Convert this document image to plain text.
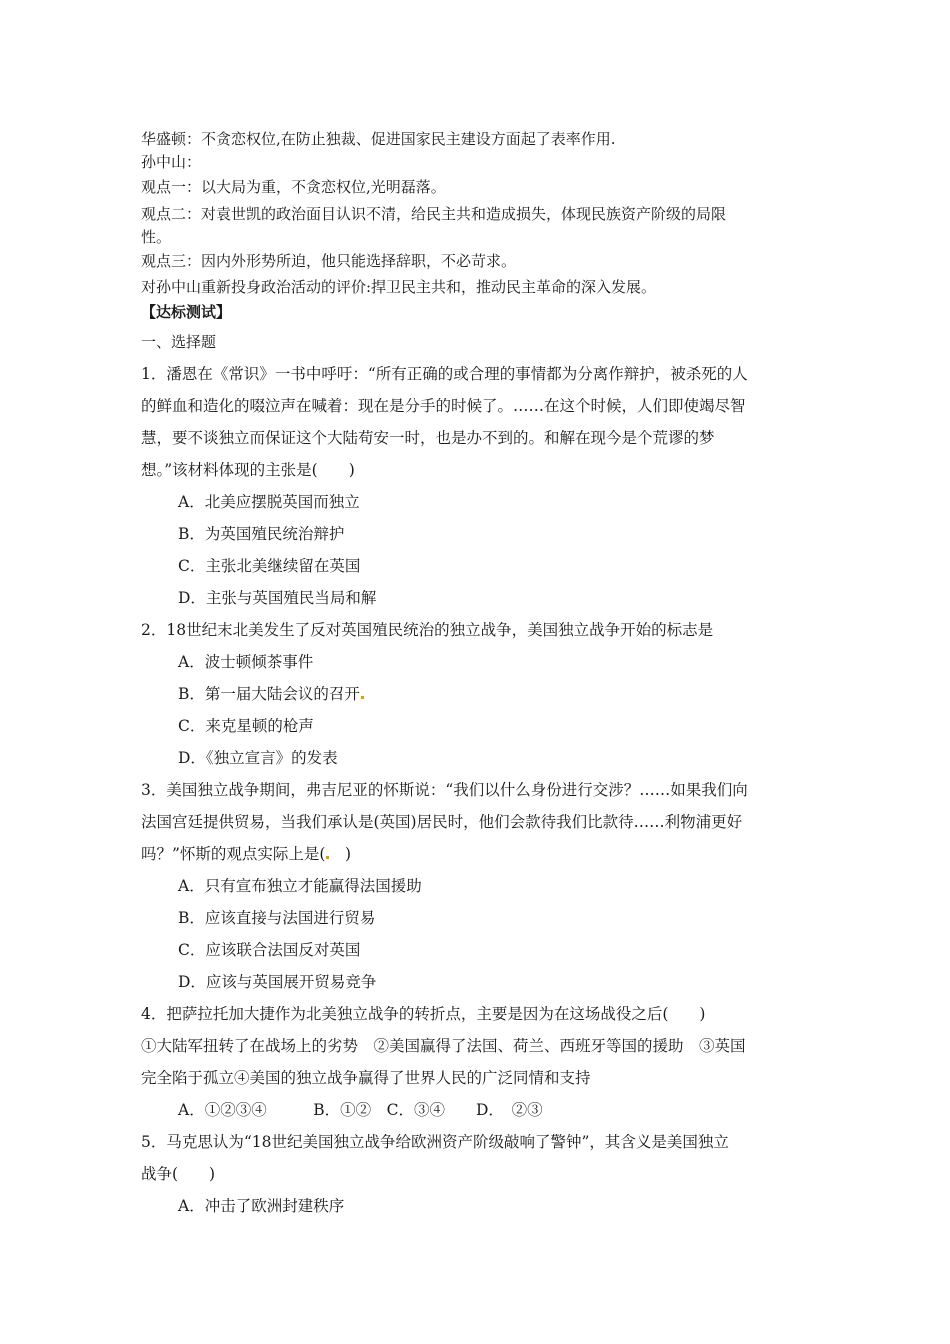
华盛顿：不贪恋权位,在防止独裁、促进国家民主建设方面起了表率作用.
孙中山：
观点一：以大局为重，不贪恋权位,光明磊落。
观点二：对袁世凯的政治面目认识不清，给民主共和造成损失，体现民族资产阶级的局限
性。
观点三：因内外形势所迫，他只能选择辞职，不必苛求。
对孙中山重新投身政治活动的评价:捍卫民主共和，推动民主革命的深入发展。
【达标测试】
一、选择题
1．潘恩在《常识》一书中呼吁：“所有正确的或合理的事情都为分离作辩护，被杀死的人
的鲜血和造化的啜泣声在喊着：现在是分手的时候了。……在这个时候，人们即使竭尽智
慧，要不谈独立而保证这个大陆苟安一时，也是办不到的。和解在现今是个荒谬的梦
想。”该材料体现的主张是(　　)
A．北美应摆脱英国而独立
B．为英国殖民统治辩护
C．主张北美继续留在英国
D．主张与英国殖民当局和解
2．18世纪末北美发生了反对英国殖民统治的独立战争，美国独立战争开始的标志是
A．波士顿倾茶事件
B．第一届大陆会议的召开
C．来克星顿的枪声
D．《独立宣言》的发表
3．美国独立战争期间，弗吉尼亚的怀斯说：“我们以什么身份进行交涉？……如果我们向
法国宫廷提供贸易，当我们承认是(英国)居民时，他们会款待我们比款待……利物浦更好
吗？”怀斯的观点实际上是(　)
A．只有宣布独立才能赢得法国援助
B．应该直接与法国进行贸易
C．应该联合法国反对英国
D．应该与英国展开贸易竞争
4．把萨拉托加大捷作为北美独立战争的转折点，主要是因为在这场战役之后(　　)
①大陆军扭转了在战场上的劣势　②美国赢得了法国、荷兰、西班牙等国的援助　③英国
完全陷于孤立④美国的独立战争赢得了世界人民的广泛同情和支持
A．①②③④　　　B．①②　C．③④　　D．　②③
5．马克思认为“18世纪美国独立战争给欧洲资产阶级敲响了警钟”，其含义是美国独立
战争(　　)
A．冲击了欧洲封建秩序
